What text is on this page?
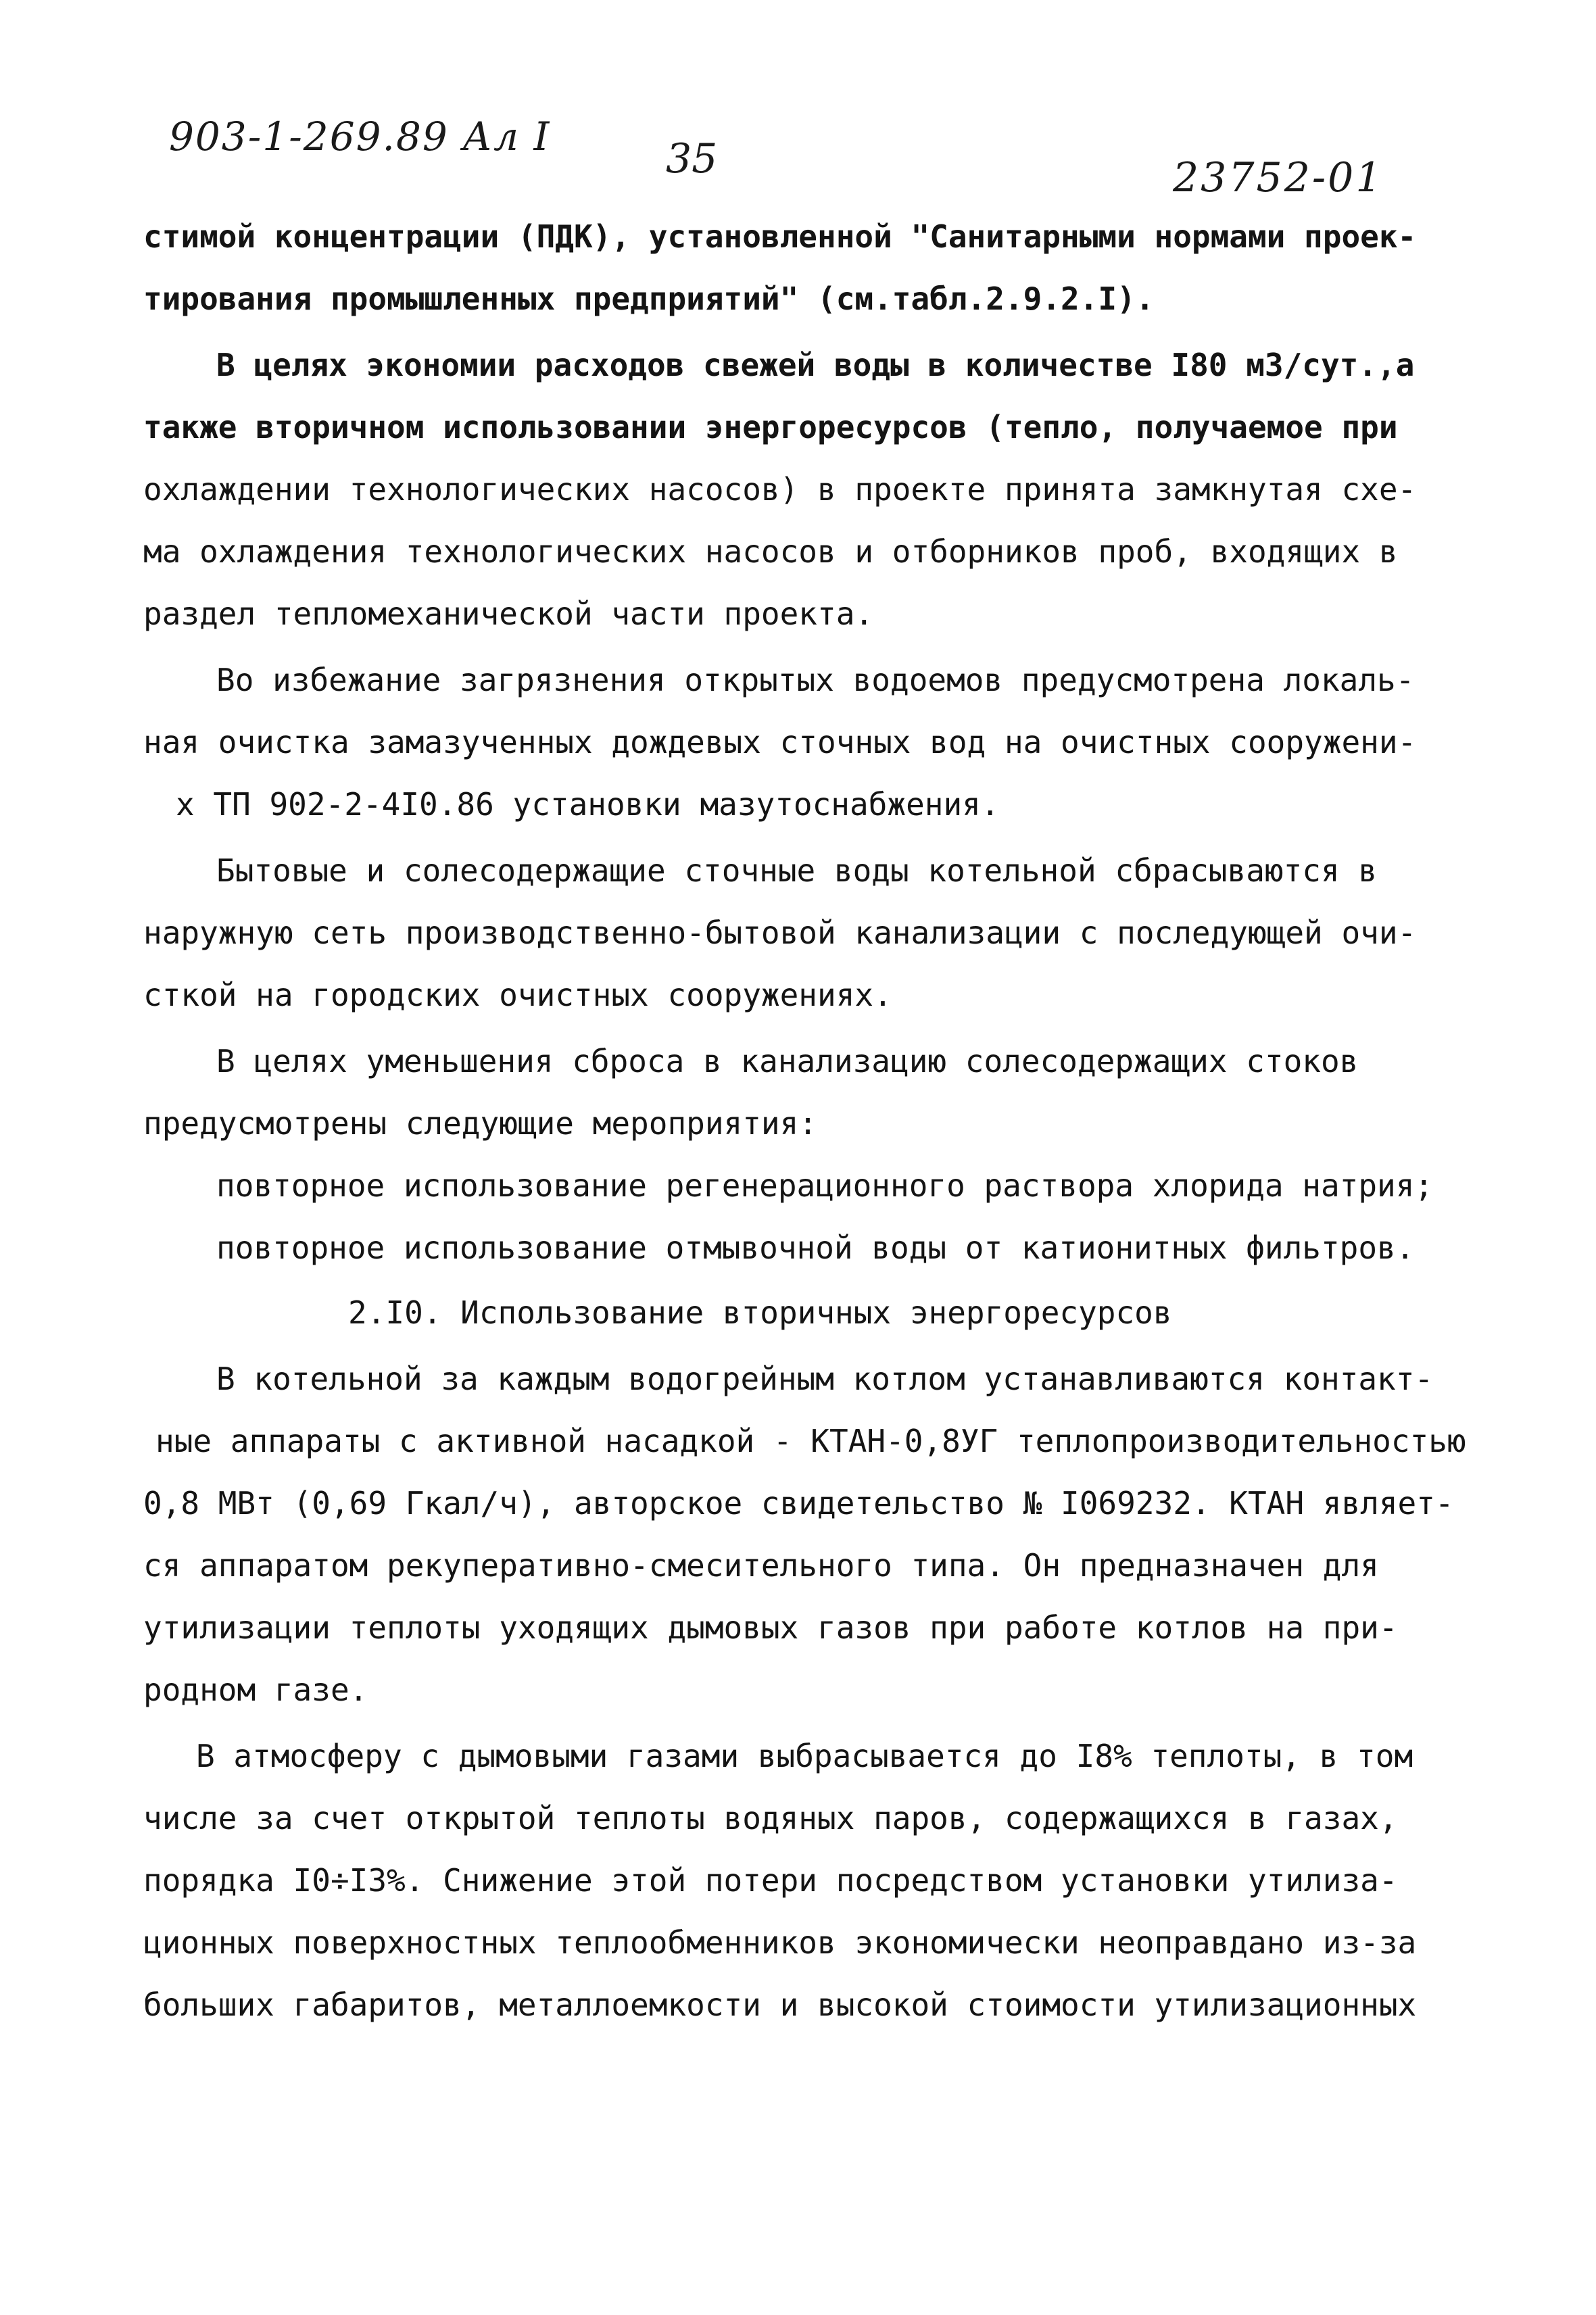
903-1-269.89 Ал I	35	23752-01
стимой концентрации (ПДК), установленной "Санитарными нормами проек-
тирования промышленных предприятий" (см.табл.2.9.2.I).
В целях экономии расходов свежей воды в количестве I80 м3/сут.,а
также вторичном использовании энергоресурсов (тепло, получаемое при
охлаждении технологических насосов) в проекте принята замкнутая схе-
ма охлаждения технологических насосов и отборников проб, входящих в
раздел тепломеханической части проекта.
Во избежание загрязнения открытых водоемов предусмотрена локаль-
ная очистка замазученных дождевых сточных вод на очистных сооружени-
х ТП 902-2-4I0.86 установки мазутоснабжения.
Бытовые и солесодержащие сточные воды котельной сбрасываются в
наружную сеть производственно-бытовой канализации с последующей очи-
сткой на городских очистных сооружениях.
В целях уменьшения сброса в канализацию солесодержащих стоков
предусмотрены следующие мероприятия:
повторное использование регенерационного раствора хлорида натрия;
повторное использование отмывочной воды от катионитных фильтров.
2.I0. Использование вторичных энергоресурсов
В котельной за каждым водогрейным котлом устанавливаются контакт-
ные аппараты с активной насадкой - КТАН-0,8УГ теплопроизводительностью
0,8 МВт (0,69 Гкал/ч), авторское свидетельство № I069232. КТАН являет-
ся аппаратом рекуперативно-смесительного типа. Он предназначен для
утилизации теплоты уходящих дымовых газов при работе котлов на при-
родном газе.
В атмосферу с дымовыми газами выбрасывается до I8% теплоты, в том
числе за счет открытой теплоты водяных паров, содержащихся в газах,
порядка I0÷I3%. Снижение этой потери посредством установки утилиза-
ционных поверхностных теплообменников экономически неоправдано из-за
больших габаритов, металлоемкости и высокой стоимости утилизационных
